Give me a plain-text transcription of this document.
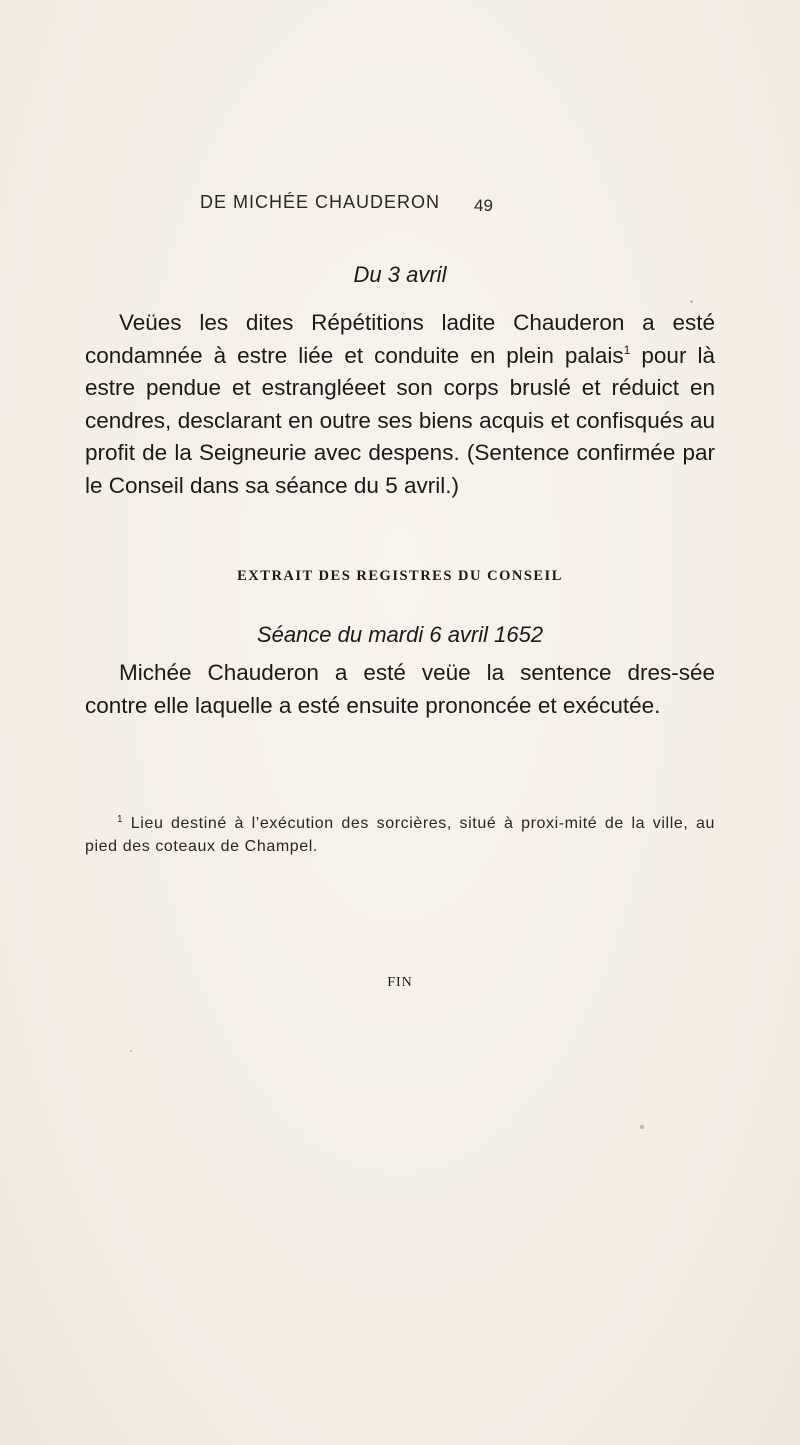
DE MICHÉE CHAUDERON 49
Du 3 avril

Veües les dites Répétitions ladite Chauderon a esté condamnée à estre liée et conduite en plein palais$^1$ pour là estre pendue et estrangléeet son corps bruslé et réduict en cendres, desclarant en outre ses biens acquis et confisqués au profit de la Seigneurie avec despens. (Sentence confirmée par le Conseil dans sa séance du 5 avril.)

EXTRAIT DES REGISTRES DU CONSEIL
Séance du mardi 6 avril 1652

Michée Chauderon a esté veüe la sentence dres-sée contre elle laquelle a esté ensuite prononcée et exécutée.

$^1$ Lieu destiné à l’exécution des sorcières, situé à proxi-mité de la ville, au pied des coteaux de Champel.

FIN
